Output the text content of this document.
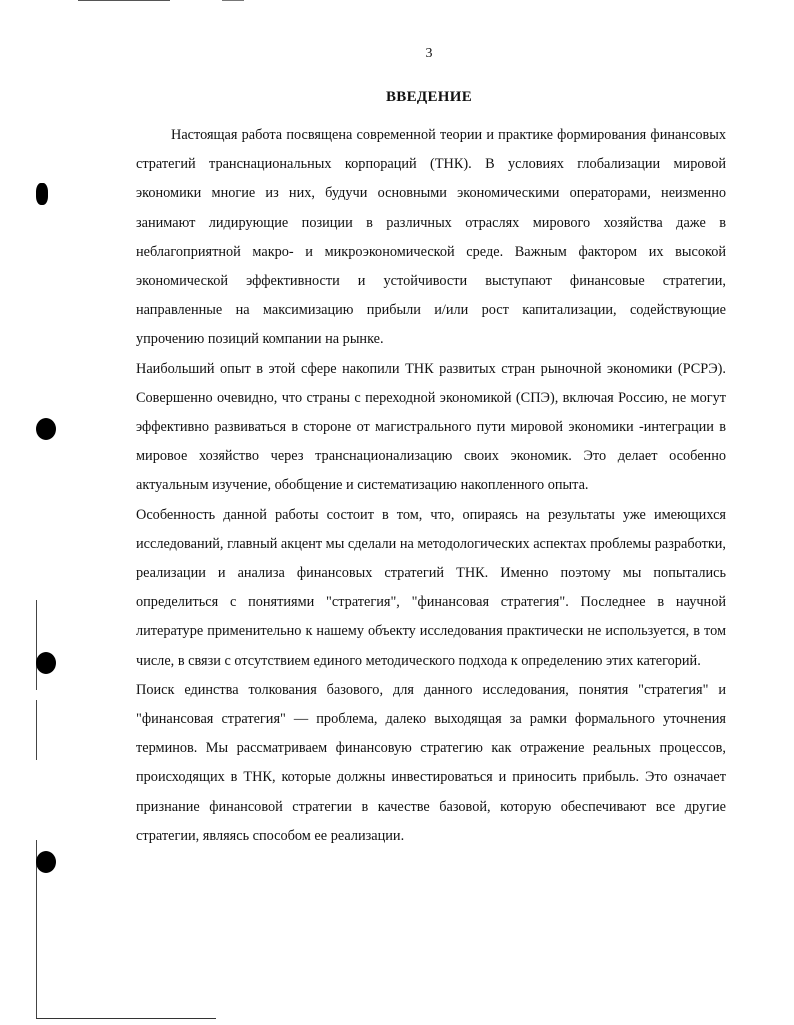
3
ВВЕДЕНИЕ

Настоящая работа посвящена современной теории и практике формирования финансовых стратегий транснациональных корпораций (ТНК). В условиях глобализации мировой экономики многие из них, будучи основными экономическими операторами, неизменно занимают лидирующие позиции в различных отраслях мирового хозяйства даже в неблагоприятной макро- и микроэкономической среде. Важным фактором их высокой экономической эффективности и устойчивости выступают финансовые стратегии, направленные на максимизацию прибыли и/или рост капитализации, содействующие упрочению позиций компании на рынке.

Наибольший опыт в этой сфере накопили ТНК развитых стран рыночной экономики (РСРЭ). Совершенно очевидно, что страны с переходной экономикой (СПЭ), включая Россию, не могут эффективно развиваться в стороне от магистрального пути мировой экономики -интеграции в мировое хозяйство через транснационализацию своих экономик. Это делает особенно актуальным изучение, обобщение и систематизацию накопленного опыта.

Особенность данной работы состоит в том, что, опираясь на результаты уже имеющихся исследований, главный акцент мы сделали на методологических аспектах проблемы разработки, реализации и анализа финансовых стратегий ТНК. Именно поэтому мы попытались определиться с понятиями "стратегия", "финансовая стратегия". Последнее в научной литературе применительно к нашему объекту исследования практически не используется, в том числе, в связи с отсутствием единого методического подхода к определению этих категорий.

Поиск единства толкования базового, для данного исследования, понятия "стратегия" и "финансовая стратегия" — проблема, далеко выходящая за рамки формального уточнения терминов. Мы рассматриваем финансовую стратегию как отражение реальных процессов, происходящих в ТНК, которые должны инвестироваться и приносить прибыль. Это означает признание финансовой стратегии в качестве базовой, которую обеспечивают все другие стратегии, являясь способом ее реализации.
